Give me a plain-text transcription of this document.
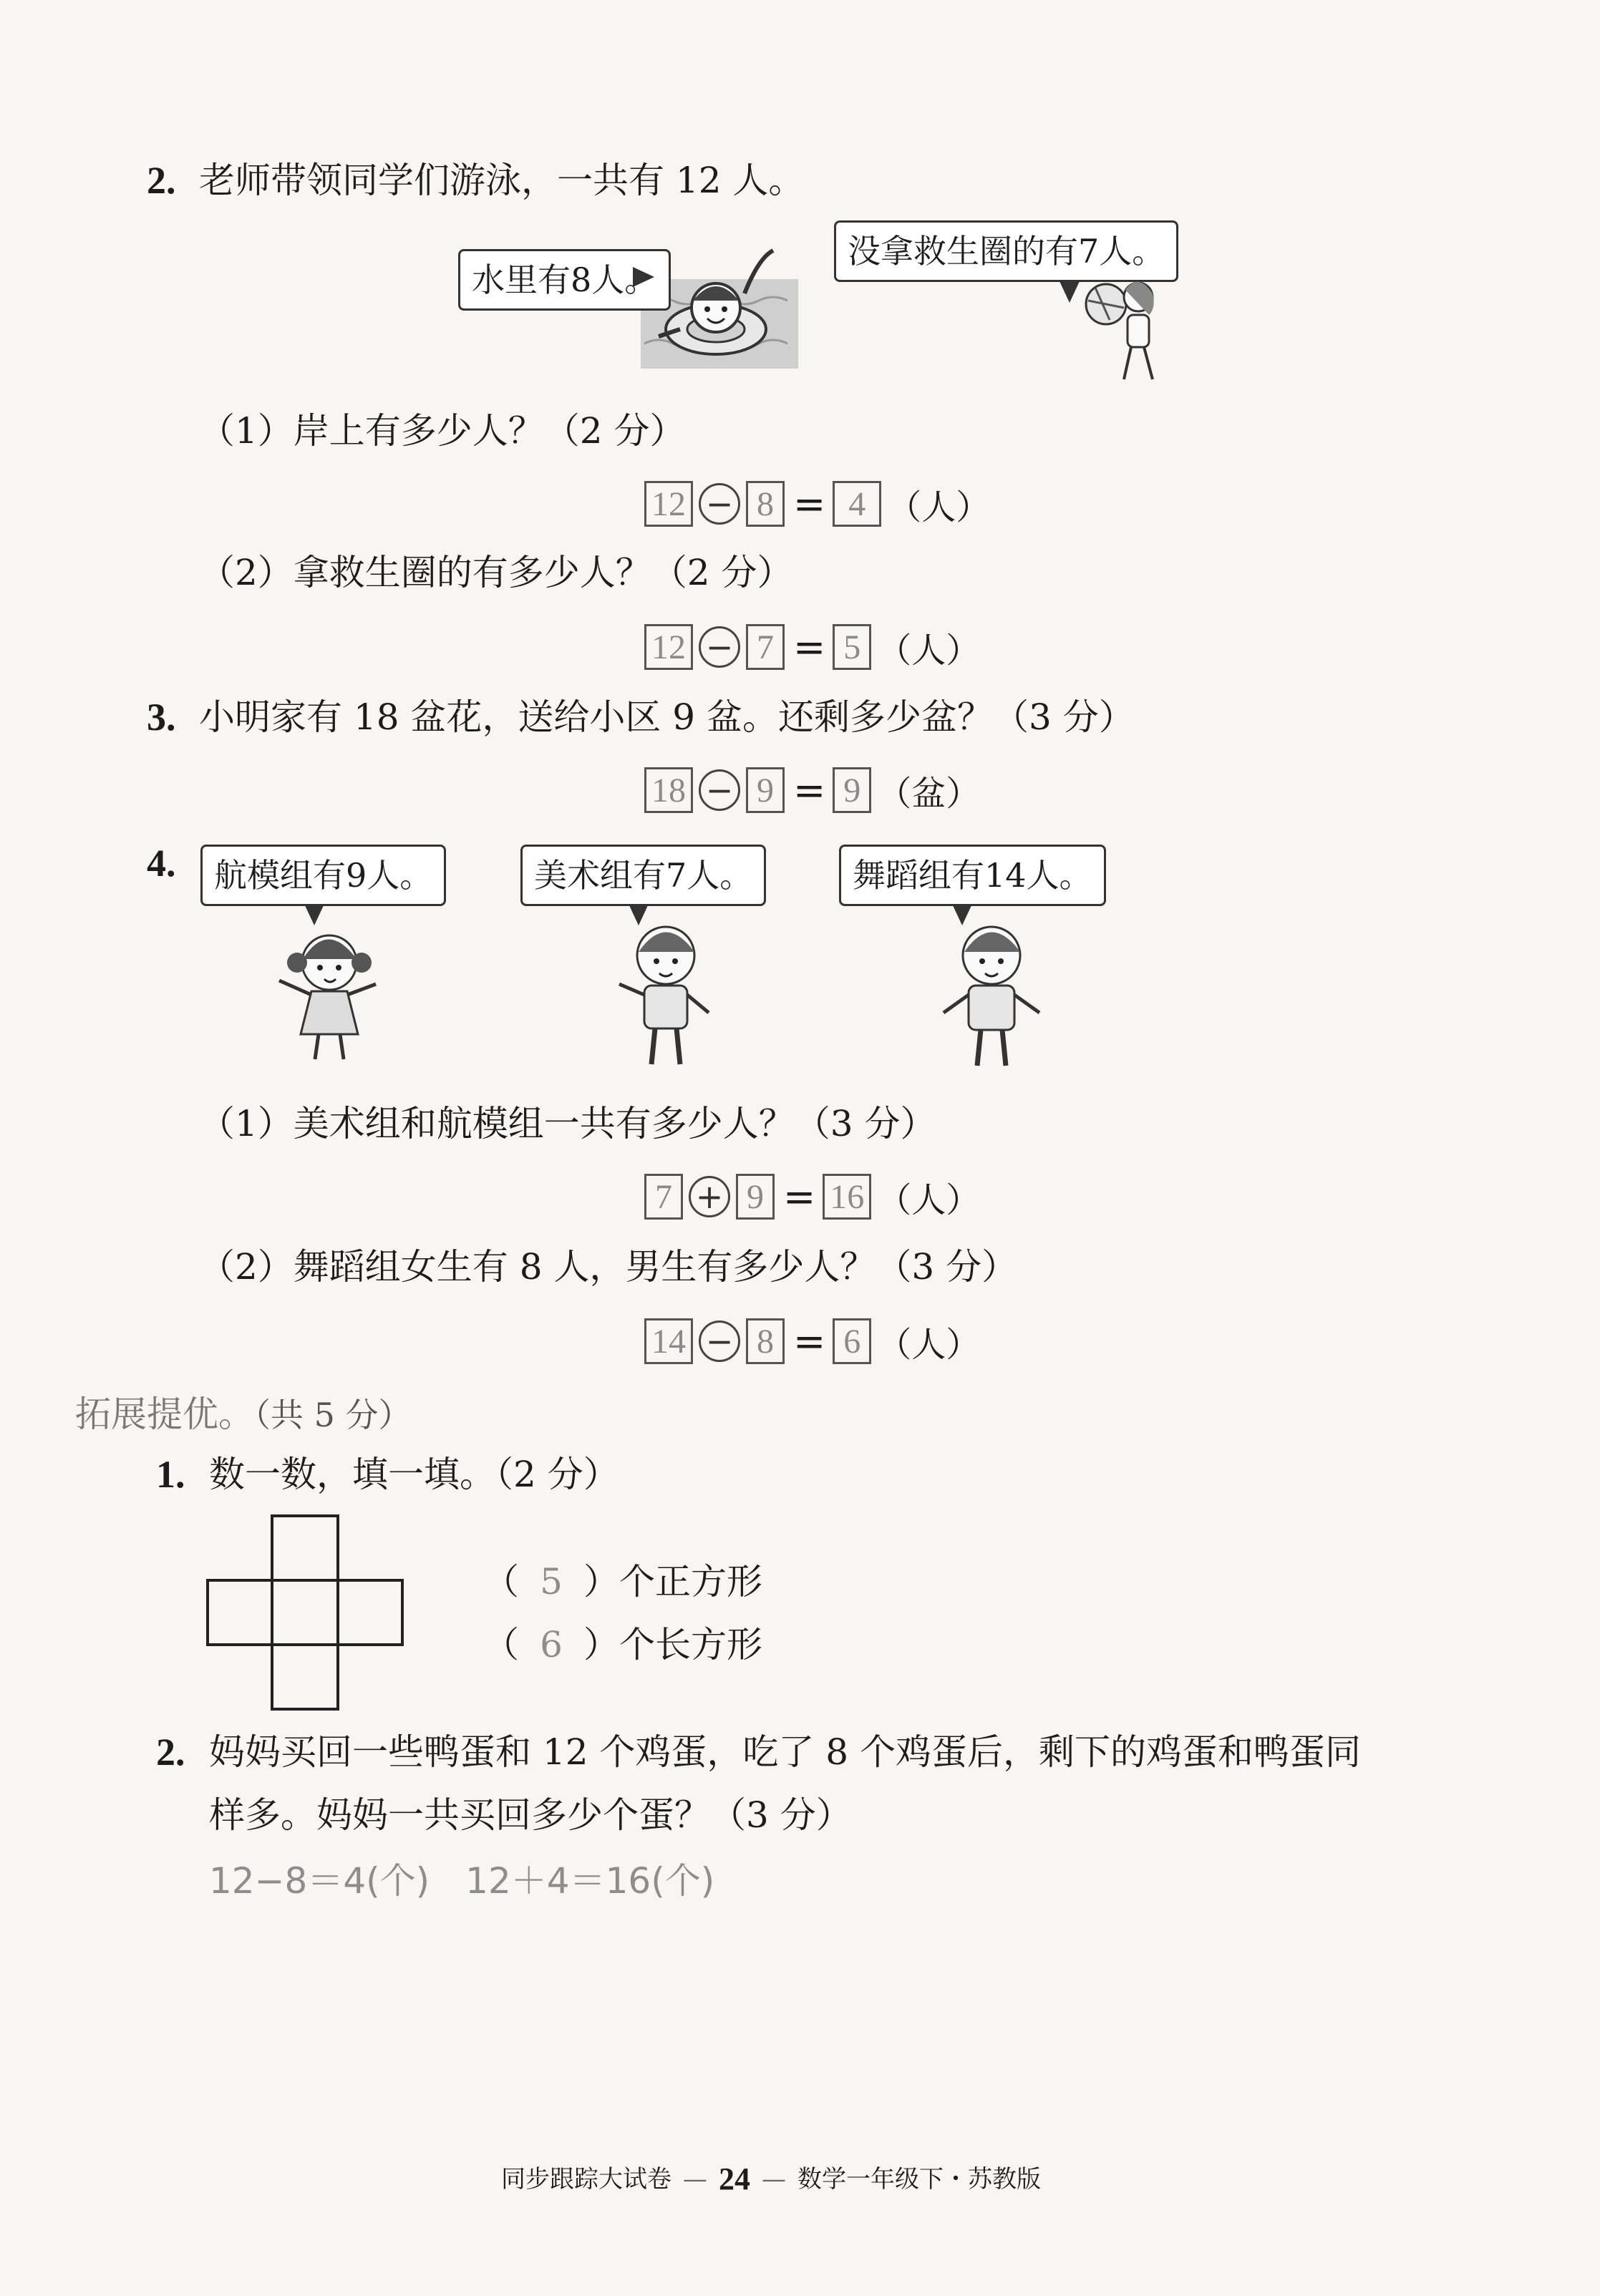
2. 老师带领同学们游泳，一共有 12 人。
水里有8人。
没拿救生圈的有7人。
（1）岸上有多少人？（2 分）
12 − 8 = 4 （人）
（2）拿救生圈的有多少人？（2 分）
12 − 7 = 5 （人）
3. 小明家有 18 盆花，送给小区 9 盆。还剩多少盆？（3 分）
18 − 9 = 9 （盆）
4.	航模组有9人。	美术组有7人。	舞蹈组有14人。
（1）美术组和航模组一共有多少人？（3 分）
7 + 9 = 16 （人）
（2）舞蹈组女生有 8 人，男生有多少人？（3 分）
14 − 8 = 6 （人）
拓展提优。（共 5 分）
1. 数一数，填一填。（2 分）
（ 5 ）个正方形
（ 6 ）个长方形
2. 妈妈买回一些鸭蛋和 12 个鸡蛋，吃了 8 个鸡蛋后，剩下的鸡蛋和鸭蛋同
样多。妈妈一共买回多少个蛋？（3 分）
12−8＝4(个)　12＋4＝16(个)
同步跟踪大试卷 — 24 — 数学一年级下・苏教版
